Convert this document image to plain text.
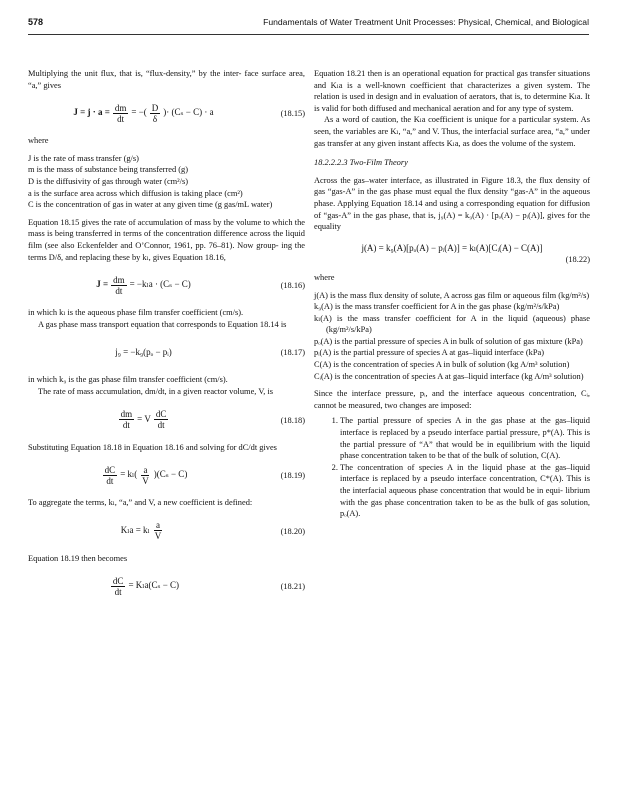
578	Fundamentals of Water Treatment Unit Processes: Physical, Chemical, and Biological

Multiplying the unit flux, that is, “flux-density,” by the inter- face surface area, “a,” gives

$J = j \cdot a = \frac{dm}{dt}$ = − ( $\frac{D}{\delta}$ ) · (Cₛ − C) · a	(18.15)

where

J is the rate of mass transfer (g/s)
m is the mass of substance being transferred (g)
D is the diffusivity of gas through water (cm²/s)
a is the surface area across which diffusion is taking place (cm²)
C is the concentration of gas in water at any given time (g gas/mL water)

Equation 18.15 gives the rate of accumulation of mass by the volume to which the mass is being transferred in terms of the concentration difference across the liquid film (see also Eckenfelder and O’Connor, 1961, pp. 76–81). Now group- ing the terms D/δ, and replacing these by kₗ, gives Equation 18.16,

$J = \frac{dm}{dt} = -k_la \cdot (C_s - C)$	(18.16)

in which kₗ is the aqueous phase film transfer coefficient (cm/s).

A gas phase mass transport equation that corresponds to Equation 18.14 is

j₉ = −k₉(pₒ − pᵢ)	(18.17)

in which k₉ is the gas phase film transfer coefficient (cm/s).

The rate of mass accumulation, dm/dt, in a given reactor volume, V, is

$\frac{dm}{dt} = V \frac{dC}{dt}$	(18.18)

Substituting Equation 18.18 in Equation 18.16 and solving for dC/dt gives

$\frac{dC}{dt} = k_l$ ( $\frac{a}{V}$ ) (Cₛ − C)	(18.19)

To aggregate the terms, kₗ, “a,” and V, a new coefficient is defined:

Kₗa = kₗ $\frac{a}{V}$	(18.20)

Equation 18.19 then becomes

$\frac{dC}{dt} = K_la(C_s - C)$	(18.21)

Equation 18.21 then is an operational equation for practical gas transfer situations and Kₗa is a well-known coefficient that characterizes a given system. The relation is used in design and in evaluation of aerators, that is, to determine Kₗa. It is valid for both diffused and mechanical aeration and for any type of system.

As a word of caution, the Kₗa coefficient is unique for a particular system. As seen, the variables are Kₗ, “a,” and V. Thus, the interfacial surface area, “a,” under gas transfer at any given instant affects Kₗa, as does the volume of the system.

18.2.2.2.3 Two-Film Theory

Across the gas–water interface, as illustrated in Figure 18.3, the flux density of gas “gas-A” in the gas phase must equal the flux density “gas-A” in the aqueous phase. Applying Equation 18.14 and using a corresponding equation for diffusion of “gas-A” in the gas phase, that is, j₉(A) = k₉(A) · [pₒ(A) − pᵢ(A)], gives for the equality

j(A) = k₉(A)[pₒ(A) − pᵢ(A)] = kₗ(A)[Cᵢ(A) − C(A)]
(18.22)

where

j(A) is the mass flux density of solute, A across gas film or aqueous film (kg/m²/s)
k₉(A) is the mass transfer coefficient for A in the gas phase (kg/m²/s/kPa)
kₗ(A) is the mass transfer coefficient for A in the liquid (aqueous) phase (kg/m²/s/kPa)
pₒ(A) is the partial pressure of species A in bulk of solution of gas mixture (kPa)
pᵢ(A) is the partial pressure of species A at gas–liquid interface (kPa)
C(A) is the concentration of species A in bulk of solution (kg A/m³ solution)
Cᵢ(A) is the concentration of species A at gas–liquid interface (kg A/m³ solution)

Since the interface pressure, pᵢ, and the interface aqueous concentration, Cᵢ, cannot be measured, two changes are imposed:

1. The partial pressure of species A in the gas phase at the gas–liquid interface is replaced by a pseudo interface partial pressure, p*(A). This is the partial pressure of “A” that would be in equilibrium with the liquid phase concentration taken to be that of the bulk of solution, C(A).
2. The concentration of species A in the liquid phase at the gas–liquid interface is replaced by a pseudo interface concentration, C*(A). This is the interfacial aqueous phase concentration that would be in equi- librium with the gas phase concentration taken to be as the bulk of gas solution, pₒ(A).
